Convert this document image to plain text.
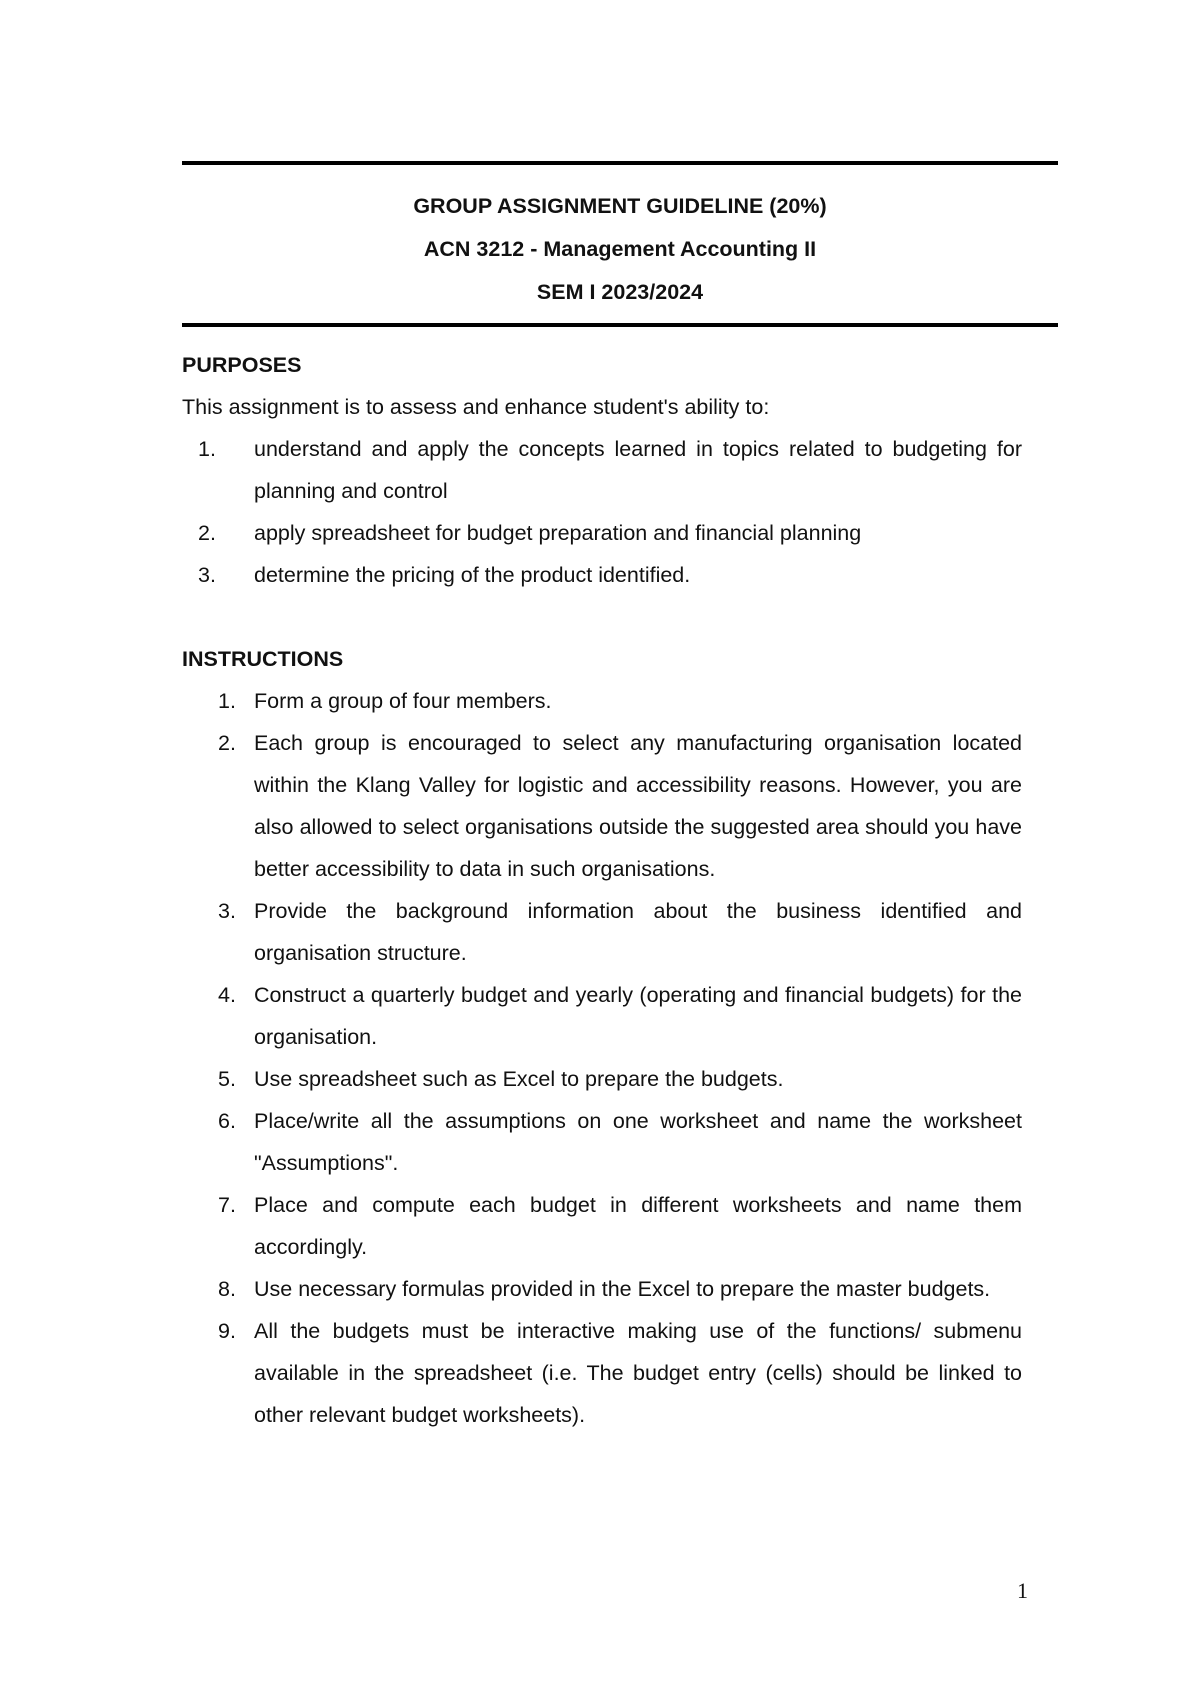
GROUP ASSIGNMENT GUIDELINE (20%)
ACN 3212 - Management Accounting II
SEM I 2023/2024
PURPOSES
This assignment is to assess and enhance student's ability to:
1.	understand and apply the concepts learned in topics related to budgeting for planning and control
2.	apply spreadsheet for budget preparation and financial planning
3.	determine the pricing of the product identified.
INSTRUCTIONS
1. Form a group of four members.
2. Each group is encouraged to select any manufacturing organisation located within the Klang Valley for logistic and accessibility reasons. However, you are also allowed to select organisations outside the suggested area should you have better accessibility to data in such organisations.
3. Provide the background information about the business identified and organisation structure.
4. Construct a quarterly budget and yearly (operating and financial budgets) for the organisation.
5. Use spreadsheet such as Excel to prepare the budgets.
6. Place/write all the assumptions on one worksheet and name the worksheet "Assumptions".
7. Place and compute each budget in different worksheets and name them accordingly.
8. Use necessary formulas provided in the Excel to prepare the master budgets.
9. All the budgets must be interactive making use of the functions/ submenu available in the spreadsheet (i.e. The budget entry (cells) should be linked to other relevant budget worksheets).
1
